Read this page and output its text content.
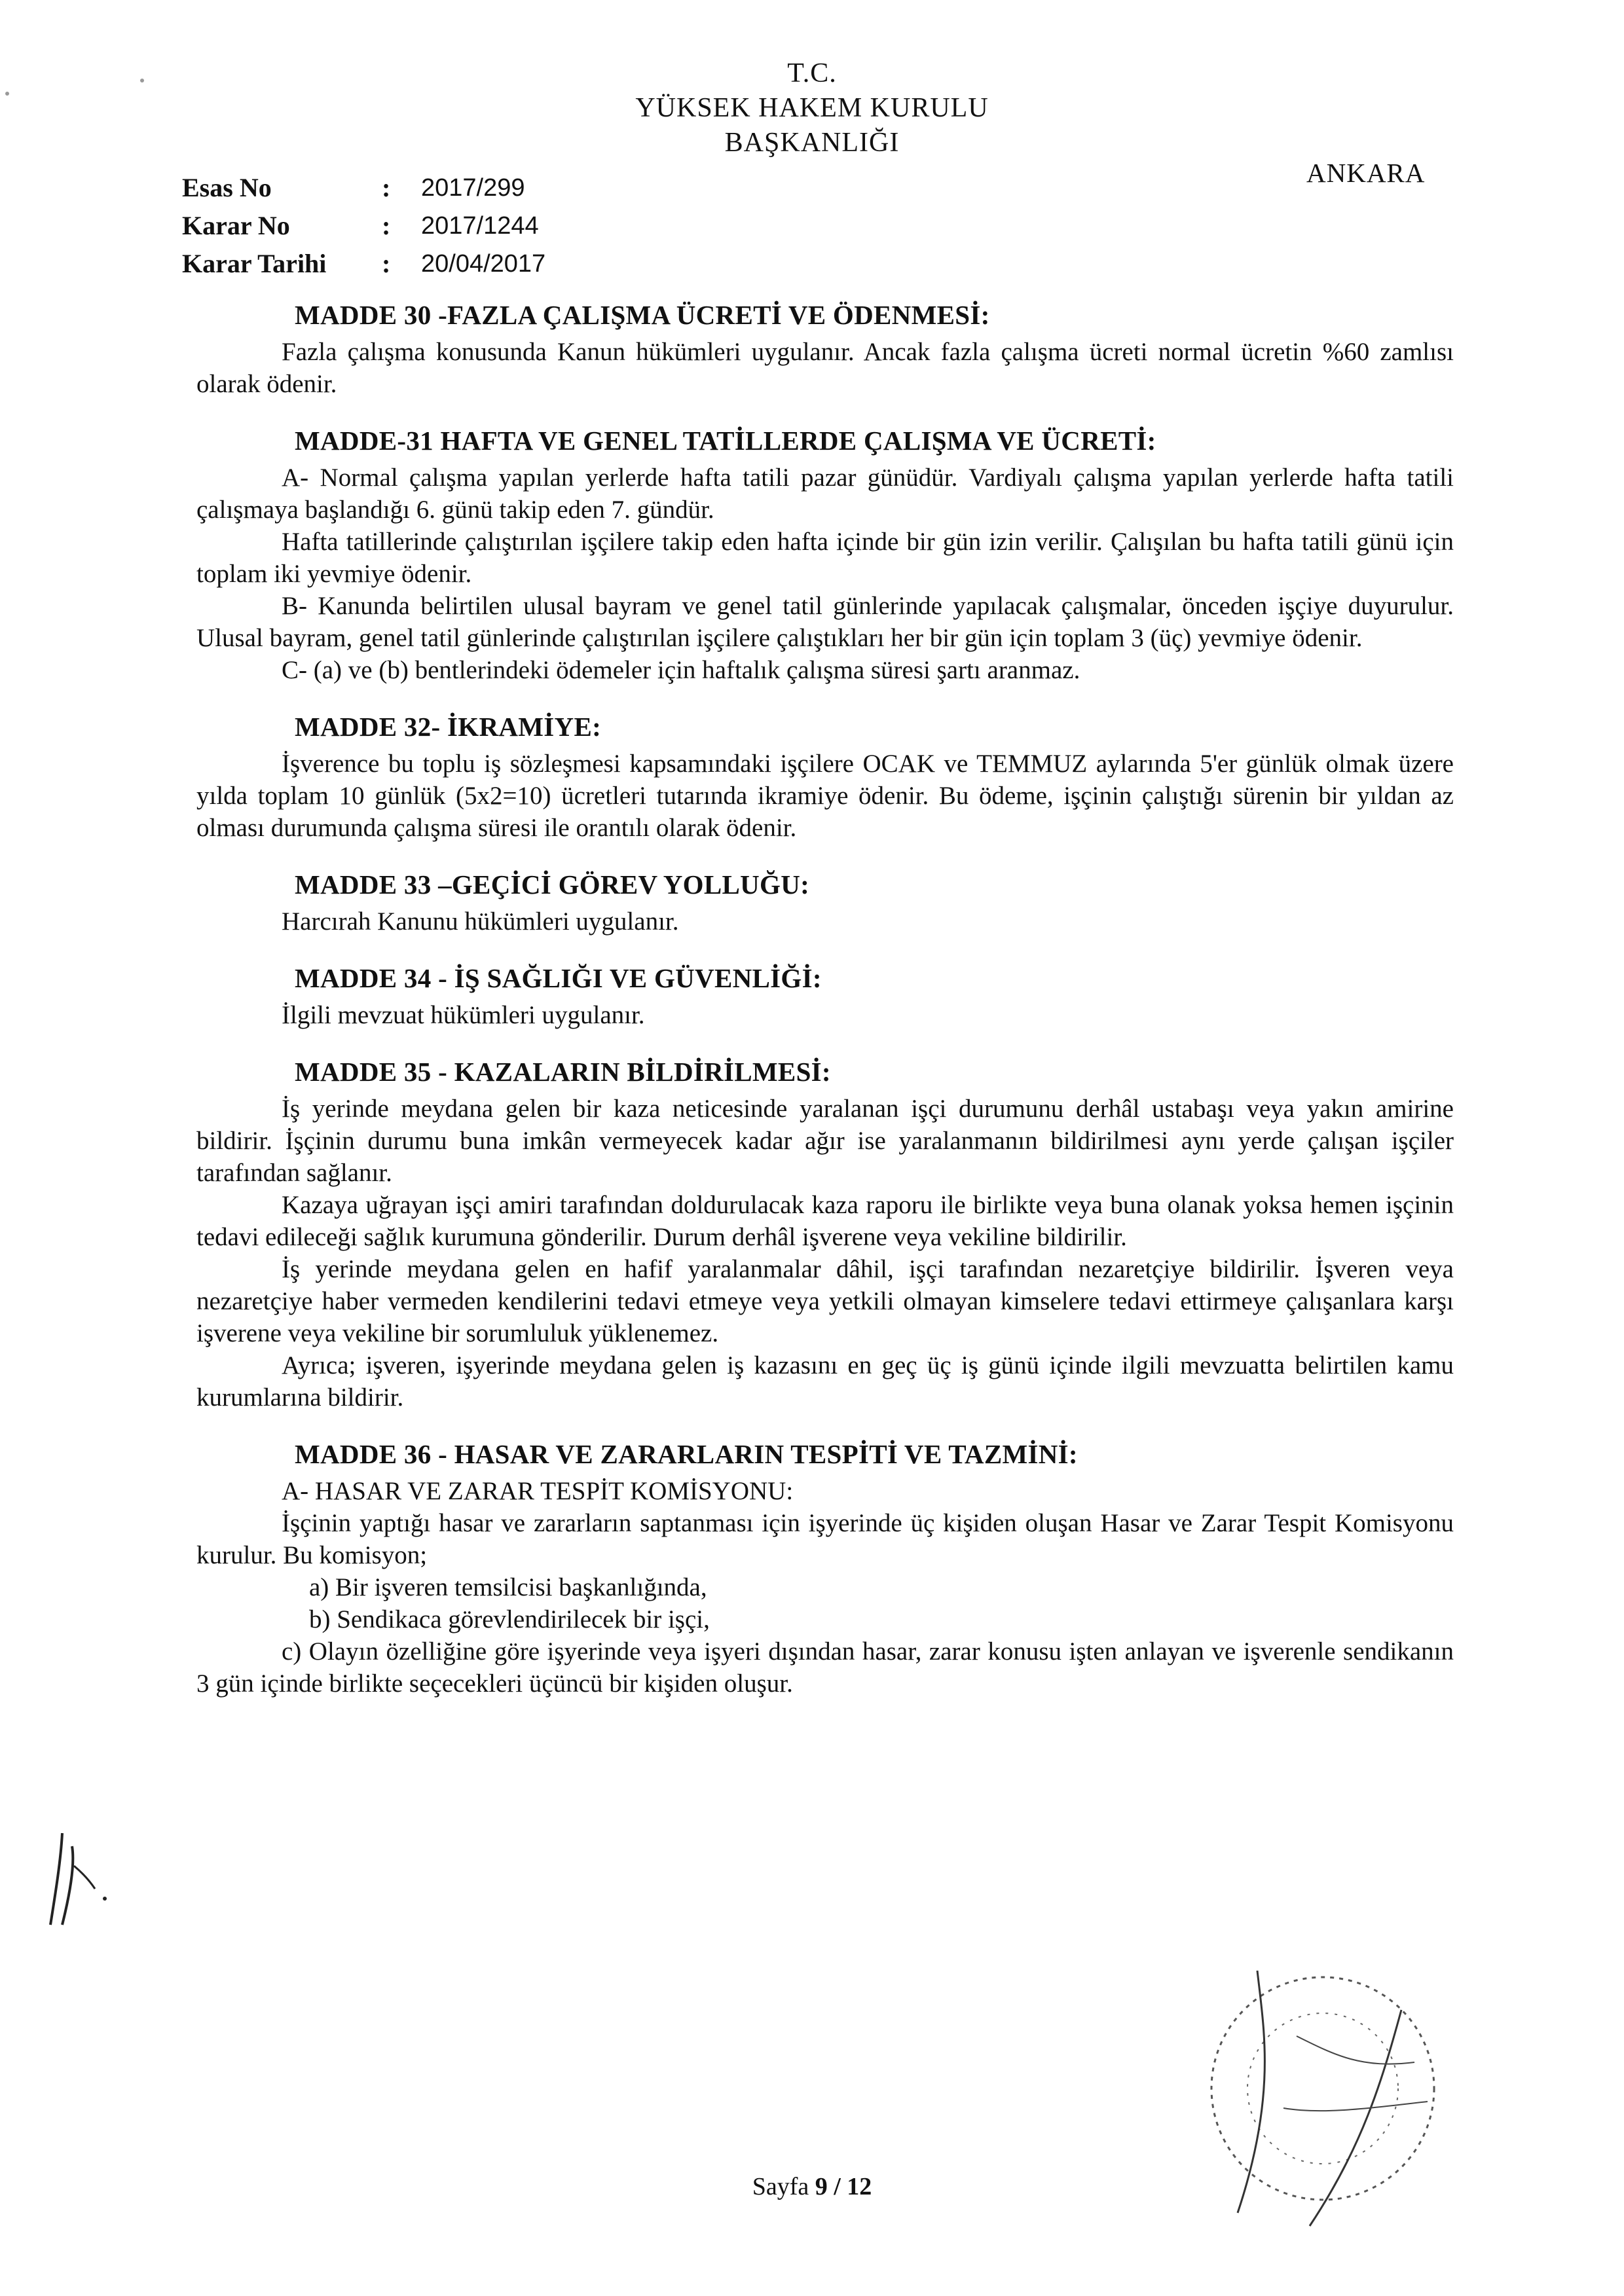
T.C.
YÜKSEK HAKEM KURULU
BAŞKANLIĞI
ANKARA
Esas No	:	2017/299
Karar No	:	2017/1244
Karar Tarihi	:	20/04/2017
MADDE 30 -FAZLA ÇALIŞMA ÜCRETİ VE ÖDENMESİ:

Fazla çalışma konusunda Kanun hükümleri uygulanır. Ancak fazla çalışma ücreti normal ücretin %60 zamlısı olarak ödenir.

MADDE-31 HAFTA VE GENEL TATİLLERDE ÇALIŞMA VE ÜCRETİ:

A- Normal çalışma yapılan yerlerde hafta tatili pazar günüdür. Vardiyalı çalışma yapılan yerlerde hafta tatili çalışmaya başlandığı 6. günü takip eden 7. gündür.

Hafta tatillerinde çalıştırılan işçilere takip eden hafta içinde bir gün izin verilir. Çalışılan bu hafta tatili günü için toplam iki yevmiye ödenir.

B- Kanunda belirtilen ulusal bayram ve genel tatil günlerinde yapılacak çalışmalar, önceden işçiye duyurulur. Ulusal bayram, genel tatil günlerinde çalıştırılan işçilere çalıştıkları her bir gün için toplam 3 (üç) yevmiye ödenir.

C- (a) ve (b) bentlerindeki ödemeler için haftalık çalışma süresi şartı aranmaz.

MADDE 32- İKRAMİYE:

İşverence bu toplu iş sözleşmesi kapsamındaki işçilere OCAK ve TEMMUZ aylarında 5'er günlük olmak üzere yılda toplam 10 günlük (5x2=10) ücretleri tutarında ikramiye ödenir. Bu ödeme, işçinin çalıştığı sürenin bir yıldan az olması durumunda çalışma süresi ile orantılı olarak ödenir.

MADDE 33 –GEÇİCİ GÖREV YOLLUĞU:

Harcırah Kanunu hükümleri uygulanır.

MADDE 34 - İŞ SAĞLIĞI VE GÜVENLİĞİ:

İlgili mevzuat hükümleri uygulanır.

MADDE 35 - KAZALARIN BİLDİRİLMESİ:

İş yerinde meydana gelen bir kaza neticesinde yaralanan işçi durumunu derhâl ustabaşı veya yakın amirine bildirir. İşçinin durumu buna imkân vermeyecek kadar ağır ise yaralanmanın bildirilmesi aynı yerde çalışan işçiler tarafından sağlanır.

Kazaya uğrayan işçi amiri tarafından doldurulacak kaza raporu ile birlikte veya buna olanak yoksa hemen işçinin tedavi edileceği sağlık kurumuna gönderilir. Durum derhâl işverene veya vekiline bildirilir.

İş yerinde meydana gelen en hafif yaralanmalar dâhil, işçi tarafından nezaretçiye bildirilir. İşveren veya nezaretçiye haber vermeden kendilerini tedavi etmeye veya yetkili olmayan kimselere tedavi ettirmeye çalışanlara karşı işverene veya vekiline bir sorumluluk yüklenemez.

Ayrıca; işveren, işyerinde meydana gelen iş kazasını en geç üç iş günü içinde ilgili mevzuatta belirtilen kamu kurumlarına bildirir.

MADDE 36 - HASAR VE ZARARLARIN TESPİTİ VE TAZMİNİ:

A- HASAR VE ZARAR TESPİT KOMİSYONU:

İşçinin yaptığı hasar ve zararların saptanması için işyerinde üç kişiden oluşan Hasar ve Zarar Tespit Komisyonu kurulur. Bu komisyon;

a) Bir işveren temsilcisi başkanlığında,

b) Sendikaca görevlendirilecek bir işçi,

c) Olayın özelliğine göre işyerinde veya işyeri dışından hasar, zarar konusu işten anlayan ve işverenle sendikanın 3 gün içinde birlikte seçecekleri üçüncü bir kişiden oluşur.

Sayfa 9 / 12
